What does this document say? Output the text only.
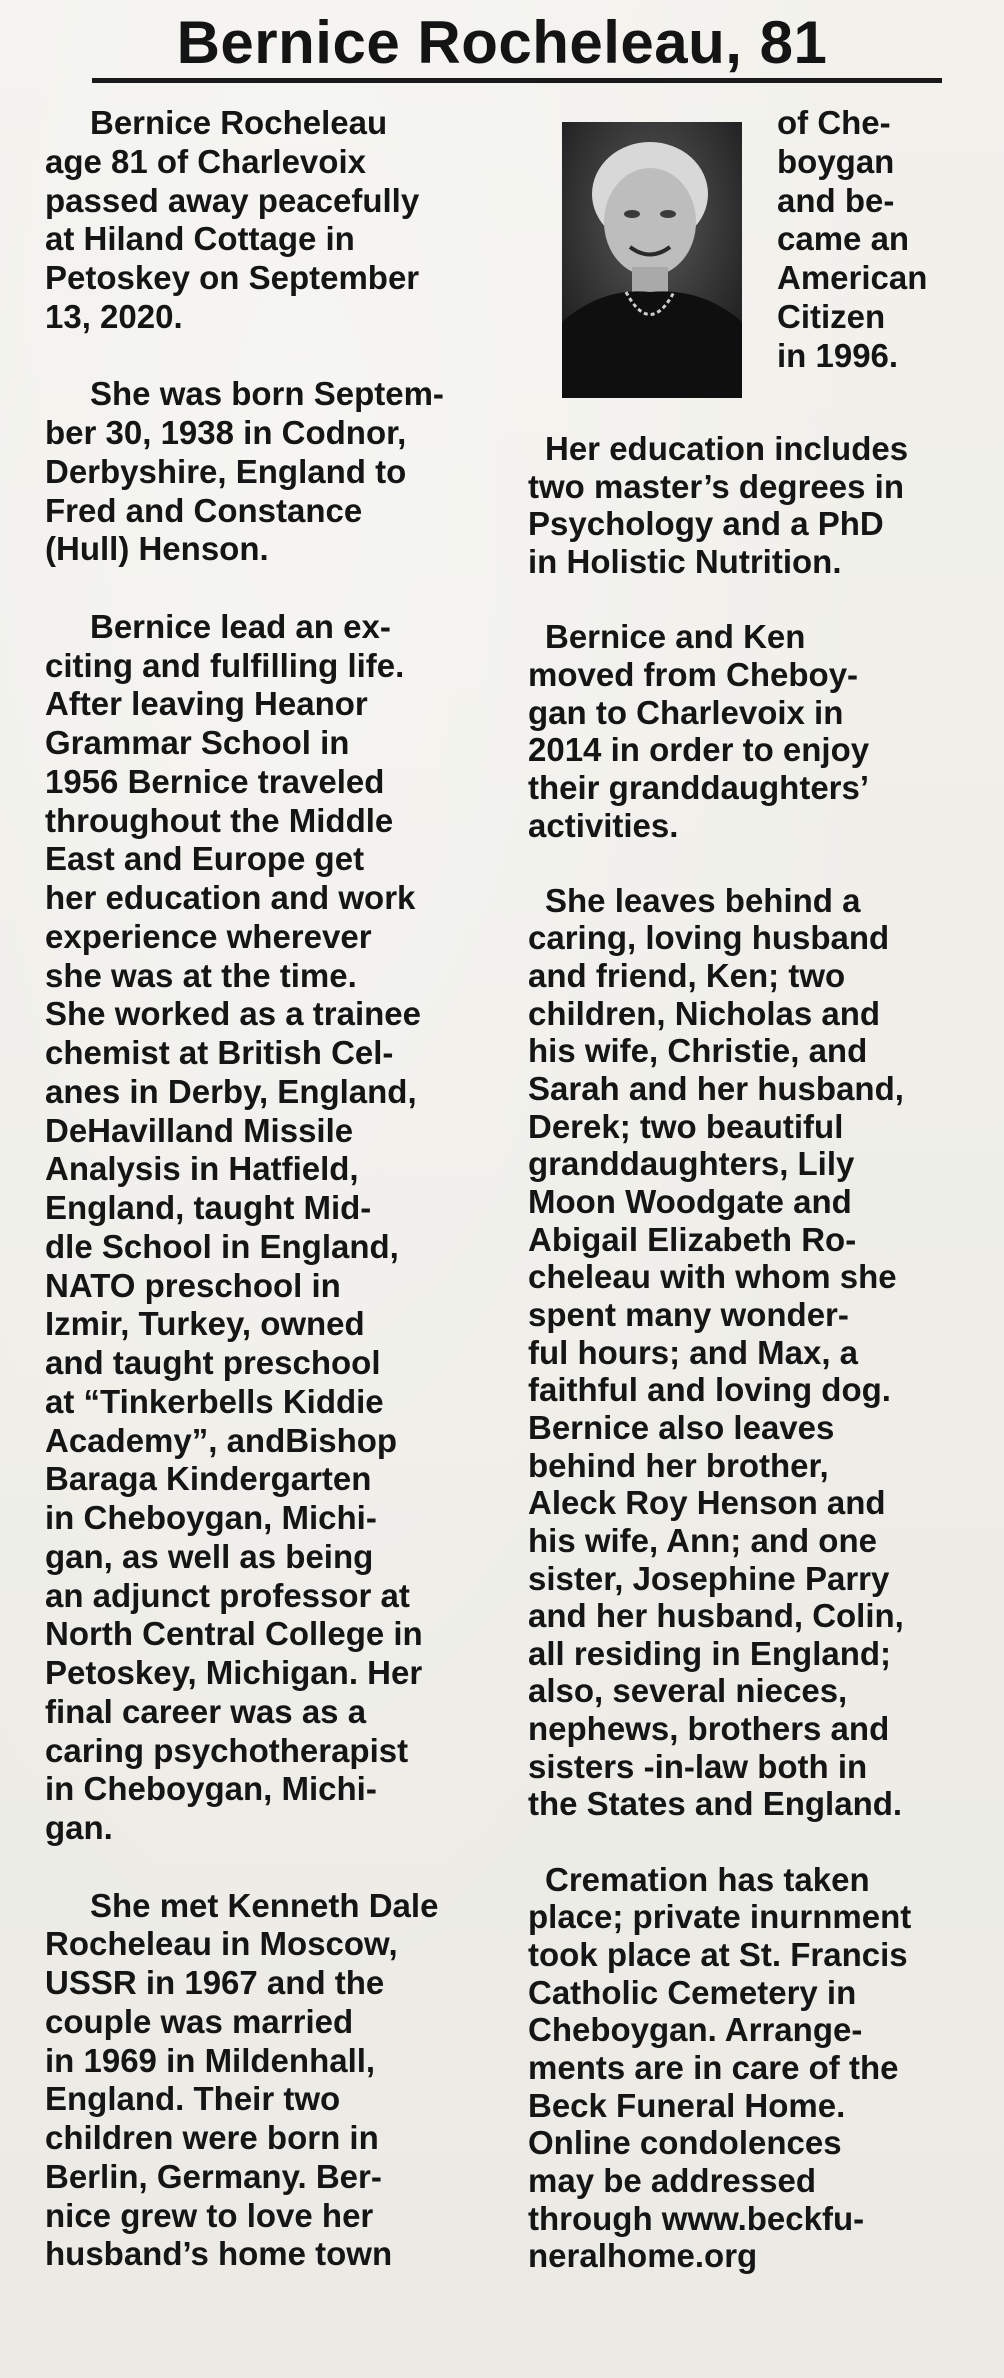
Bernice Rocheleau, 81
Bernice Rocheleau
age 81 of Charlevoix
passed away peacefully
at Hiland Cottage in
Petoskey on September
13, 2020.
She was born Septem-
ber 30, 1938 in Codnor,
Derbyshire, England to
Fred and Constance
(Hull) Henson.
Bernice lead an ex-
citing and fulfilling life.
After leaving Heanor
Grammar School in
1956 Bernice traveled
throughout the Middle
East and Europe get
her education and work
experience wherever
she was at the time.
She worked as a trainee
chemist at British Cel-
anes in Derby, England,
DeHavilland Missile
Analysis in Hatfield,
England, taught Mid-
dle School in England,
NATO preschool in
Izmir, Turkey, owned
and taught preschool
at “Tinkerbells Kiddie
Academy”, andBishop
Baraga Kindergarten
in Cheboygan, Michi-
gan, as well as being
an adjunct professor at
North Central College in
Petoskey, Michigan. Her
final career was as a
caring psychotherapist
in Cheboygan, Michi-
gan.
She met Kenneth Dale
Rocheleau in Moscow,
USSR in 1967 and the
couple was married
in 1969 in Mildenhall,
England. Their two
children were born in
Berlin, Germany. Ber-
nice grew to love her
husband’s home town
of Che-
boygan
and be-
came an
American
Citizen
in 1996.
Her education includes
two master’s degrees in
Psychology and a PhD
in Holistic Nutrition.
Bernice and Ken
moved from Cheboy-
gan to Charlevoix in
2014 in order to enjoy
their granddaughters’
activities.
She leaves behind a
caring, loving husband
and friend, Ken; two
children, Nicholas and
his wife, Christie, and
Sarah and her husband,
Derek; two beautiful
granddaughters, Lily
Moon Woodgate and
Abigail Elizabeth Ro-
cheleau with whom she
spent many wonder-
ful hours; and Max, a
faithful and loving dog.
Bernice also leaves
behind her brother,
Aleck Roy Henson and
his wife, Ann; and one
sister, Josephine Parry
and her husband, Colin,
all residing in England;
also, several nieces,
nephews, brothers and
sisters -in-law both in
the States and England.
Cremation has taken
place; private inurnment
took place at St. Francis
Catholic Cemetery in
Cheboygan. Arrange-
ments are in care of the
Beck Funeral Home.
Online condolences
may be addressed
through www.beckfu-
neralhome.org
